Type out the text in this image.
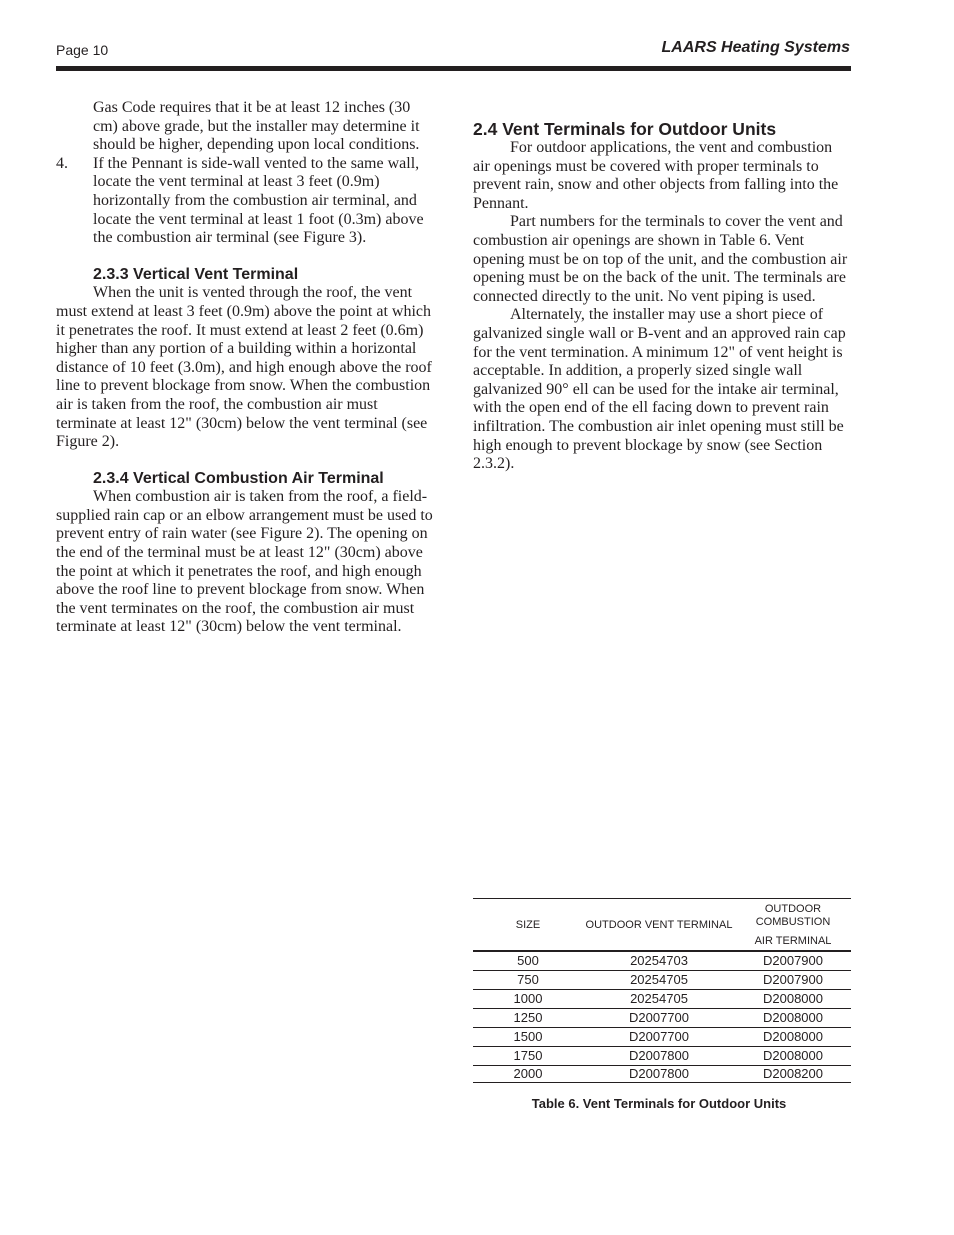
Page 10	LAARS Heating Systems

Gas Code requires that it be at least 12 inches (30 cm) above grade, but the installer may determine it should be higher, depending upon local conditions.

4. If the Pennant is side-wall vented to the same wall, locate the vent terminal at least 3 feet (0.9m) horizontally from the combustion air terminal, and locate the vent terminal at least 1 foot (0.3m) above the combustion air terminal (see Figure 3).
2.3.3 Vertical Vent Terminal

When the unit is vented through the roof, the vent must extend at least 3 feet (0.9m) above the point at which it penetrates the roof. It must extend at least 2 feet (0.6m) higher than any portion of a building within a horizontal distance of 10 feet (3.0m), and high enough above the roof line to prevent blockage from snow. When the combustion air is taken from the roof, the combustion air must terminate at least 12" (30cm) below the vent terminal (see Figure 2).

2.3.4 Vertical Combustion Air Terminal

When combustion air is taken from the roof, a field-supplied rain cap or an elbow arrangement must be used to prevent entry of rain water (see Figure 2). The opening on the end of the terminal must be at least 12" (30cm) above the point at which it penetrates the roof, and high enough above the roof line to prevent blockage from snow. When the vent terminates on the roof, the combustion air must terminate at least 12" (30cm) below the vent terminal.

2.4 Vent Terminals for Outdoor Units

For outdoor applications, the vent and combustion air openings must be covered with proper terminals to prevent rain, snow and other objects from falling into the Pennant.

Part numbers for the terminals to cover the vent and combustion air openings are shown in Table 6. Vent opening must be on top of the unit, and the combustion air opening must be on the back of the unit. The terminals are connected directly to the unit. No vent piping is used.

Alternately, the installer may use a short piece of galvanized single wall or B-vent and an approved rain cap for the vent termination. A minimum 12" of vent height is acceptable. In addition, a properly sized single wall galvanized 90° ell can be used for the intake air terminal, with the open end of the ell facing down to prevent rain infiltration. The combustion air inlet opening must still be high enough to prevent blockage by snow (see Section 2.3.2).

SIZE	OUTDOOR VENT TERMINAL	OUTDOOR COMBUSTION
AIR TERMINAL

500	20254703	D2007900
750	20254705	D2007900
1000	20254705	D2008000
1250	D2007700	D2008000
1500	D2007700	D2008000
1750	D2007800	D2008000
2000	D2007800	D2008200
Table 6. Vent Terminals for Outdoor Units
